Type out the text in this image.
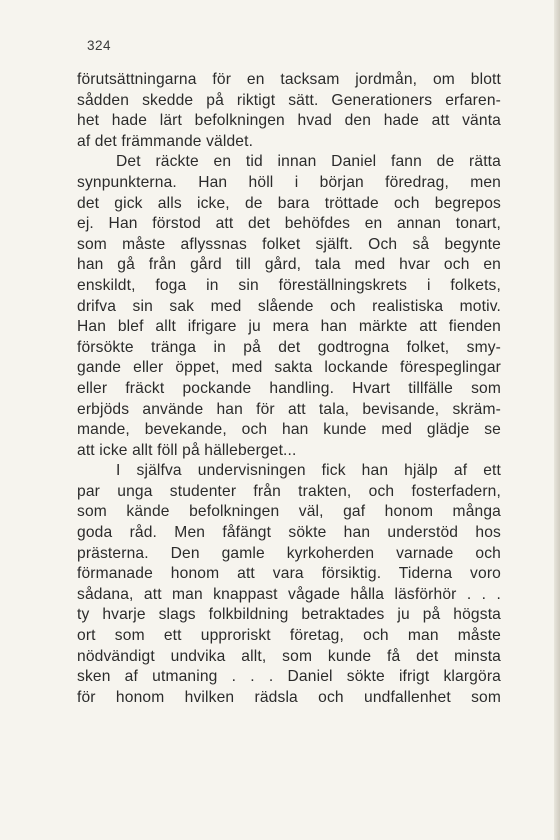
324
förutsättningarna för en tacksam jordmån, om blott
sådden skedde på riktigt sätt. Generationers erfaren-
het hade lärt befolkningen hvad den hade att vänta
af det främmande väldet.
Det räckte en tid innan Daniel fann de rätta
synpunkterna. Han höll i början föredrag, men
det gick alls icke, de bara tröttade och begrepos
ej. Han förstod att det behöfdes en annan tonart,
som måste aflyssnas folket själft. Och så begynte
han gå från gård till gård, tala med hvar och en
enskildt, foga in sin föreställningskrets i folkets,
drifva sin sak med slående och realistiska motiv.
Han blef allt ifrigare ju mera han märkte att fienden
försökte tränga in på det godtrogna folket, smy-
gande eller öppet, med sakta lockande förespeglingar
eller fräckt pockande handling. Hvart tillfälle som
erbjöds använde han för att tala, bevisande, skräm-
mande, bevekande, och han kunde med glädje se
att icke allt föll på hälleberget...
I själfva undervisningen fick han hjälp af ett
par unga studenter från trakten, och fosterfadern,
som kände befolkningen väl, gaf honom många
goda råd. Men fåfängt sökte han understöd hos
prästerna. Den gamle kyrkoherden varnade och
förmanade honom att vara försiktig. Tiderna voro
sådana, att man knappast vågade hålla läsförhör . . .
ty hvarje slags folkbildning betraktades ju på högsta
ort som ett upproriskt företag, och man måste
nödvändigt undvika allt, som kunde få det minsta
sken af utmaning . . . Daniel sökte ifrigt klargöra
för honom hvilken rädsla och undfallenhet som
